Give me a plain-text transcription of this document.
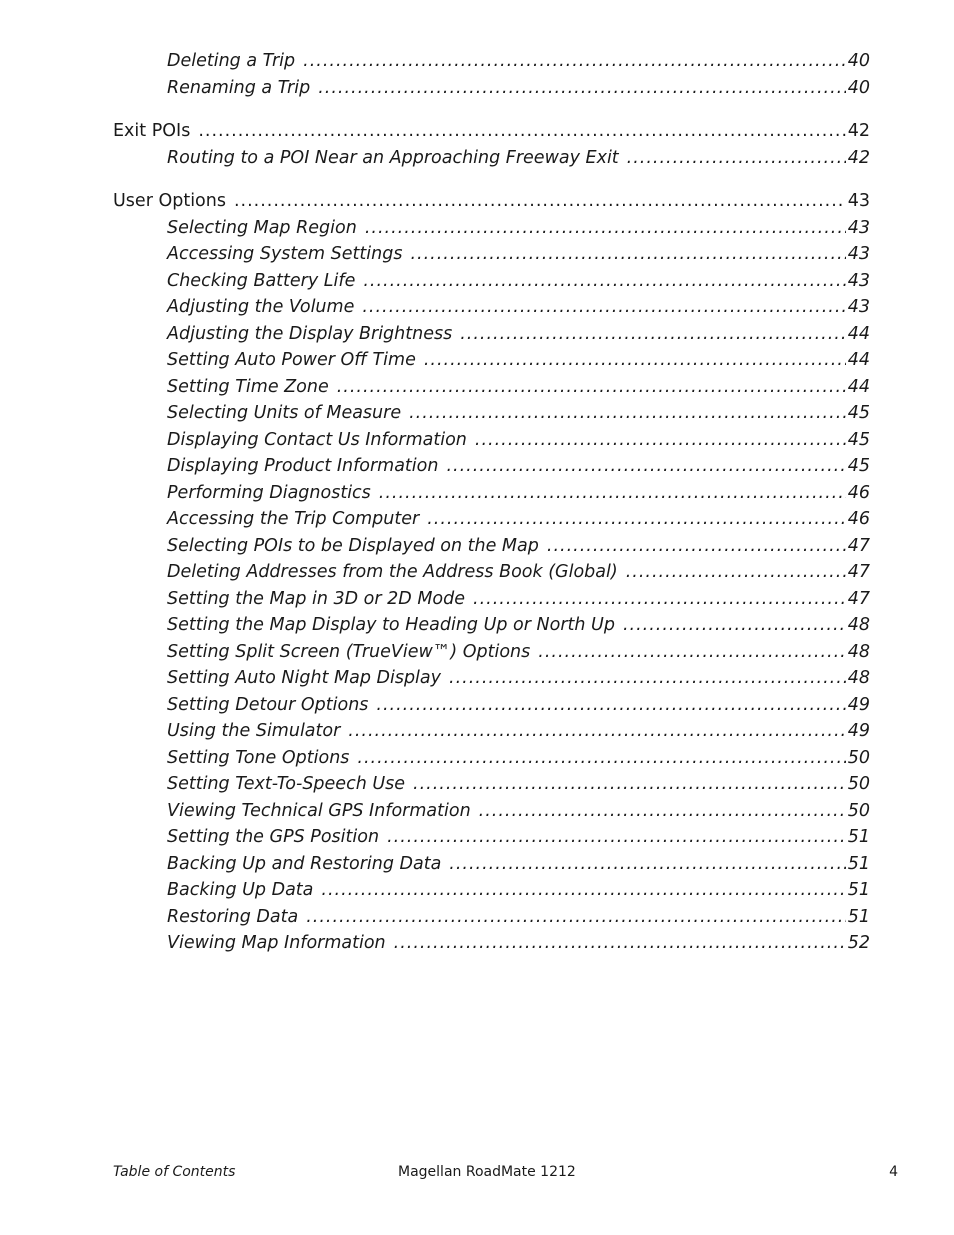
Deleting a Trip .....	40
Renaming a Trip .....	40
Exit POIs .....	42
Routing to a POI Near an Approaching Freeway Exit .....	42
User Options .....	43
Selecting Map Region .....	43
Accessing System Settings .....	43
Checking Battery Life .....	43
Adjusting the Volume .....	43
Adjusting the Display Brightness .....	44
Setting Auto Power Off Time .....	44
Setting Time Zone .....	44
Selecting Units of Measure .....	45
Displaying Contact Us Information .....	45
Displaying Product Information .....	45
Performing Diagnostics .....	46
Accessing the Trip Computer .....	46
Selecting POIs to be Displayed on the Map .....	47
Deleting Addresses from the Address Book (Global) .....	47
Setting the Map in 3D or 2D Mode .....	47
Setting the Map Display to Heading Up or North Up .....	48
Setting Split Screen (TrueView™) Options .....	48
Setting Auto Night Map Display .....	48
Setting Detour Options .....	49
Using the Simulator .....	49
Setting Tone Options .....	50
Setting Text-To-Speech Use .....	50
Viewing Technical GPS Information .....	50
Setting the GPS Position .....	51
Backing Up and Restoring Data .....	51
Backing Up Data .....	51
Restoring Data .....	51
Viewing Map Information .....	52
Table of Contents	Magellan RoadMate 1212	4
